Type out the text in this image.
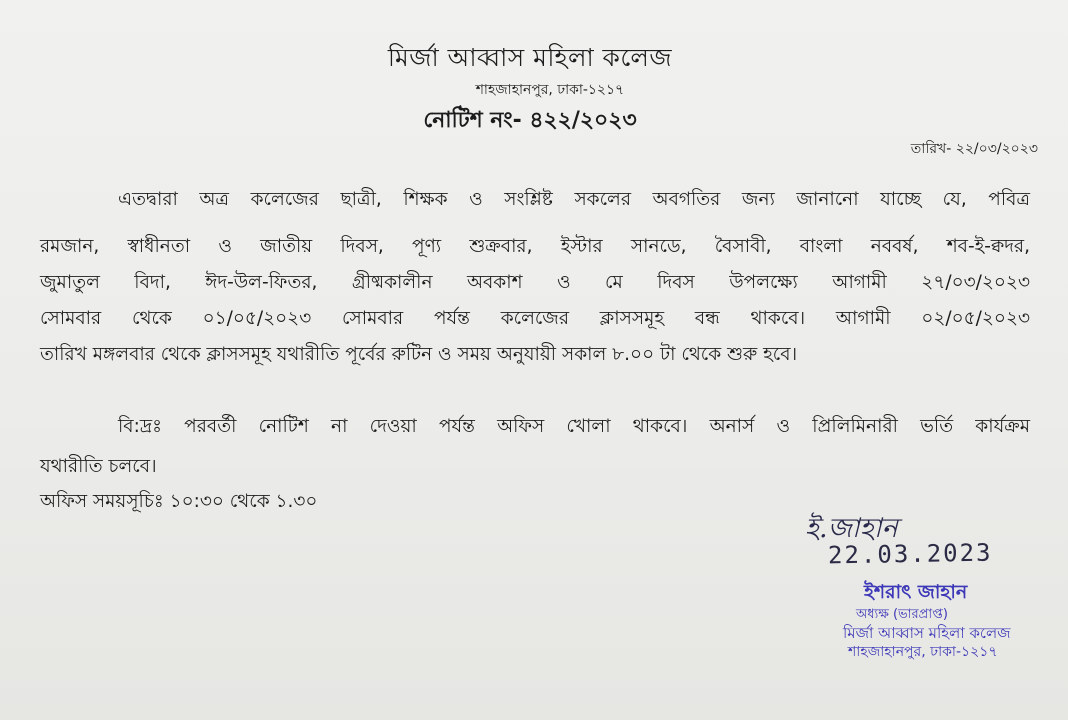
মির্জা আব্বাস মহিলা কলেজ
শাহজাহানপুর, ঢাকা-১২১৭
নোটিশ নং- ৪২২/২০২৩
তারিখ- ২২/০৩/২০২৩
এতদ্বারা অত্র কলেজের ছাত্রী, শিক্ষক ও সংশ্লিষ্ট সকলের অবগতির জন্য জানানো যাচ্ছে যে, পবিত্র
রমজান, স্বাধীনতা ও জাতীয় দিবস, পূণ্য শুক্রবার, ইস্টার সানডে, বৈসাবী, বাংলা নববর্ষ, শব-ই-ক্বদর,
জুমাতুল বিদা, ঈদ-উল-ফিতর, গ্রীষ্মকালীন অবকাশ ও মে দিবস উপলক্ষ্যে আগামী ২৭/০৩/২০২৩
সোমবার থেকে ০১/০৫/২০২৩ সোমবার পর্যন্ত কলেজের ক্লাসসমূহ বন্ধ থাকবে। আগামী ০২/০৫/২০২৩
তারিখ মঙ্গলবার থেকে ক্লাসসমূহ যথারীতি পূর্বের রুটিন ও সময় অনুযায়ী সকাল ৮.০০ টা থেকে শুরু হবে।
বি:দ্রঃ পরবর্তী নোটিশ না দেওয়া পর্যন্ত অফিস খোলা থাকবে। অনার্স ও প্রিলিমিনারী ভর্তি কার্যক্রম
যথারীতি চলবে।
অফিস সময়সূচিঃ ১০:৩০ থেকে ১.৩০
ই.জাহান
22.03.2023
ইশরাৎ জাহান
অধ্যক্ষ (ভারপ্রাপ্ত)
মির্জা আব্বাস মহিলা কলেজ
শাহজাহানপুর, ঢাকা-১২১৭
